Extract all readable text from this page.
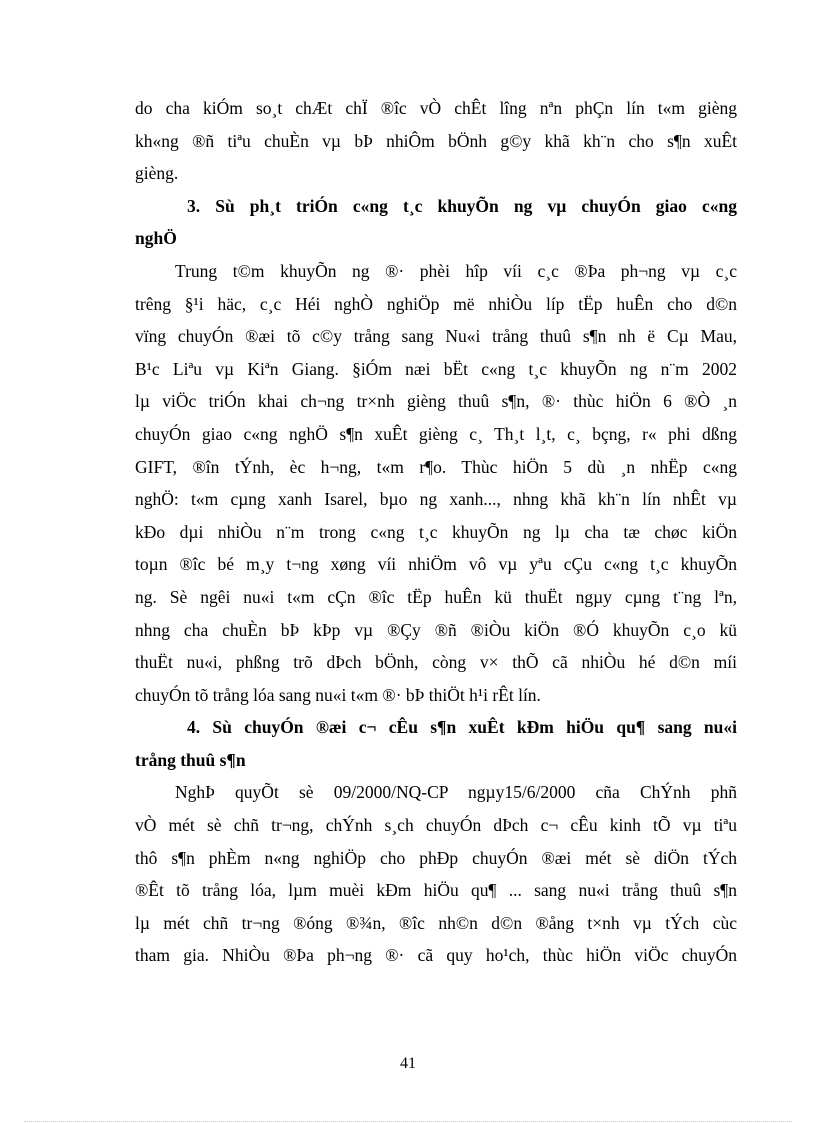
do cha kiÓm so¸t chÆt chÏ ®îc vÒ chÊt lîng nªn phÇn lín t«m gièng
kh«ng ®ñ tiªu chuÈn vµ bÞ nhiÔm bÖnh g©y khã kh¨n cho s¶n xuÊt
gièng.
3. Sù ph¸t triÓn c«ng t¸c khuyÕn ng vµ chuyÓn giao c«ng
nghÖ
Trung t©m khuyÕn ng ®· phèi hîp víi c¸c ®Þa ph¬ng vµ c¸c
trêng §¹i häc, c¸c Héi nghÒ nghiÖp më nhiÒu líp tËp huÊn cho d©n
vïng chuyÓn ®æi tõ c©y trång sang Nu«i trång thuû s¶n nh ë Cµ Mau,
B¹c Liªu vµ Kiªn Giang. §iÓm næi bËt c«ng t¸c khuyÕn ng n¨m 2002
lµ viÖc triÓn khai ch¬ng tr×nh gièng thuû s¶n, ®· thùc hiÖn 6 ®Ò ¸n
chuyÓn giao c«ng nghÖ s¶n xuÊt gièng c¸ Th¸t l¸t, c¸ bçng, r« phi dßng
GIFT, ®în tÝnh, èc h¬ng, t«m r¶o. Thùc hiÖn 5 dù ¸n nhËp c«ng
nghÖ: t«m cµng xanh Isarel, bµo ng xanh..., nhng khã kh¨n lín nhÊt vµ
kÐo dµi nhiÒu n¨m trong c«ng t¸c khuyÕn ng lµ cha tæ chøc kiÖn
toµn ®îc bé m¸y t¬ng xøng víi nhiÖm vô vµ yªu cÇu c«ng t¸c khuyÕn
ng. Sè ngêi nu«i t«m cÇn ®îc tËp huÊn kü thuËt ngµy cµng t¨ng lªn,
nhng cha chuÈn bÞ kÞp vµ ®Çy ®ñ ®iÒu kiÖn ®Ó khuyÕn c¸o kü
thuËt nu«i, phßng trõ dÞch bÖnh, còng v× thÕ cã nhiÒu hé d©n míi
chuyÓn tõ trång lóa sang nu«i t«m ®· bÞ thiÖt h¹i rÊt lín.
4. Sù chuyÓn ®æi c¬ cÊu s¶n xuÊt kÐm hiÖu qu¶ sang nu«i
trång thuû s¶n
NghÞ quyÕt sè 09/2000/NQ-CP ngµy15/6/2000 cña ChÝnh phñ
vÒ mét sè chñ tr¬ng, chÝnh s¸ch chuyÓn dÞch c¬ cÊu kinh tÕ vµ tiªu
thô s¶n phÈm n«ng nghiÖp cho phÐp chuyÓn ®æi mét sè diÖn tÝch
®Êt tõ trång lóa, lµm muèi kÐm hiÖu qu¶ ... sang nu«i trång thuû s¶n
lµ mét chñ tr¬ng ®óng ®¾n, ®îc nh©n d©n ®ång t×nh vµ tÝch cùc
tham gia. NhiÒu ®Þa ph¬ng ®· cã quy ho¹ch, thùc hiÖn viÖc chuyÓn
41
